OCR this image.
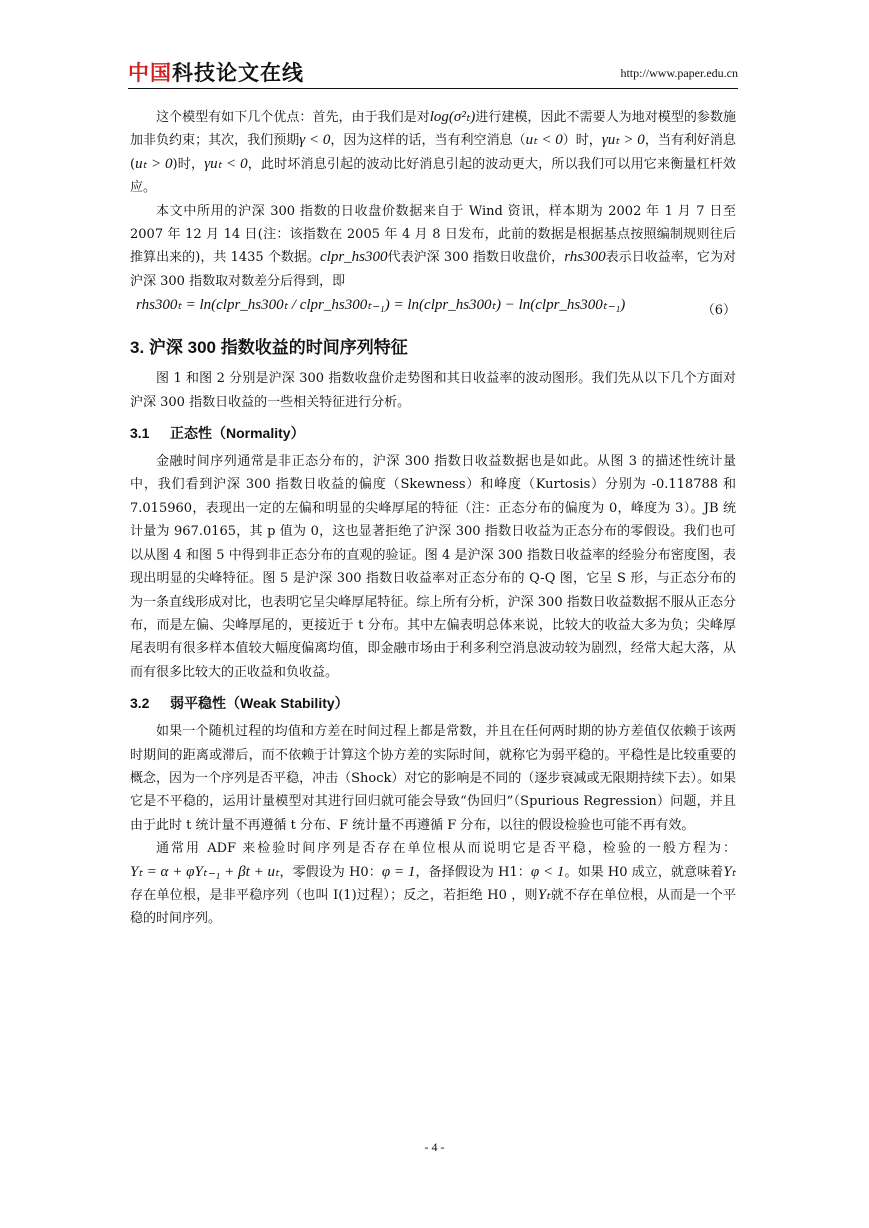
中国科技论文在线	http://www.paper.edu.cn

这个模型有如下几个优点：首先，由于我们是对log(σ²ₜ)进行建模，因此不需要人为地对模型的参数施加非负约束；其次，我们预期γ < 0，因为这样的话，当有利空消息（uₜ < 0）时，γuₜ > 0，当有利好消息(uₜ > 0)时，γuₜ < 0，此时坏消息引起的波动比好消息引起的波动更大，所以我们可以用它来衡量杠杆效应。

本文中所用的沪深 300 指数的日收盘价数据来自于 Wind 资讯，样本期为 2002 年 1 月 7 日至 2007 年 12 月 14 日(注：该指数在 2005 年 4 月 8 日发布，此前的数据是根据基点按照编制规则往后推算出来的)，共 1435 个数据。clpr_hs300代表沪深 300 指数日收盘价，rhs300表示日收益率，它为对沪深 300 指数取对数差分后得到，即

rhs300ₜ = ln(clpr_hs300ₜ / clpr_hs300ₜ₋₁) = ln(clpr_hs300ₜ) − ln(clpr_hs300ₜ₋₁)	（6）
3. 沪深 300 指数收益的时间序列特征

图 1 和图 2 分别是沪深 300 指数收盘价走势图和其日收益率的波动图形。我们先从以下几个方面对沪深 300 指数日收益的一些相关特征进行分析。

3.1 正态性（Normality）

金融时间序列通常是非正态分布的，沪深 300 指数日收益数据也是如此。从图 3 的描述性统计量中，我们看到沪深 300 指数日收益的偏度（Skewness）和峰度（Kurtosis）分别为 -0.118788 和 7.015960，表现出一定的左偏和明显的尖峰厚尾的特征（注：正态分布的偏度为 0，峰度为 3）。JB 统计量为 967.0165，其 p 值为 0，这也显著拒绝了沪深 300 指数日收益为正态分布的零假设。我们也可以从图 4 和图 5 中得到非正态分布的直观的验证。图 4 是沪深 300 指数日收益率的经验分布密度图，表现出明显的尖峰特征。图 5 是沪深 300 指数日收益率对正态分布的 Q-Q 图，它呈 S 形，与正态分布的为一条直线形成对比，也表明它呈尖峰厚尾特征。综上所有分析，沪深 300 指数日收益数据不服从正态分布，而是左偏、尖峰厚尾的，更接近于 t 分布。其中左偏表明总体来说，比较大的收益大多为负；尖峰厚尾表明有很多样本值较大幅度偏离均值，即金融市场由于利多利空消息波动较为剧烈，经常大起大落，从而有很多比较大的正收益和负收益。

3.2 弱平稳性（Weak Stability）

如果一个随机过程的均值和方差在时间过程上都是常数，并且在任何两时期的协方差值仅依赖于该两时期间的距离或滞后，而不依赖于计算这个协方差的实际时间，就称它为弱平稳的。平稳性是比较重要的概念，因为一个序列是否平稳，冲击（Shock）对它的影响是不同的（逐步衰减或无限期持续下去）。如果它是不平稳的，运用计量模型对其进行回归就可能会导致“伪回归”（Spurious Regression）问题，并且由于此时 t 统计量不再遵循 t 分布、F 统计量不再遵循 F 分布，以往的假设检验也可能不再有效。

通常用 ADF 来检验时间序列是否存在单位根从而说明它是否平稳，检验的一般方程为：Yₜ = α + φYₜ₋₁ + βt + uₜ，零假设为 H0：φ = 1，备择假设为 H1：φ < 1。如果 H0 成立，就意味着Yₜ存在单位根，是非平稳序列（也叫 I(1)过程）；反之，若拒绝 H0 ，则Yₜ就不存在单位根，从而是一个平稳的时间序列。

- 4 -
